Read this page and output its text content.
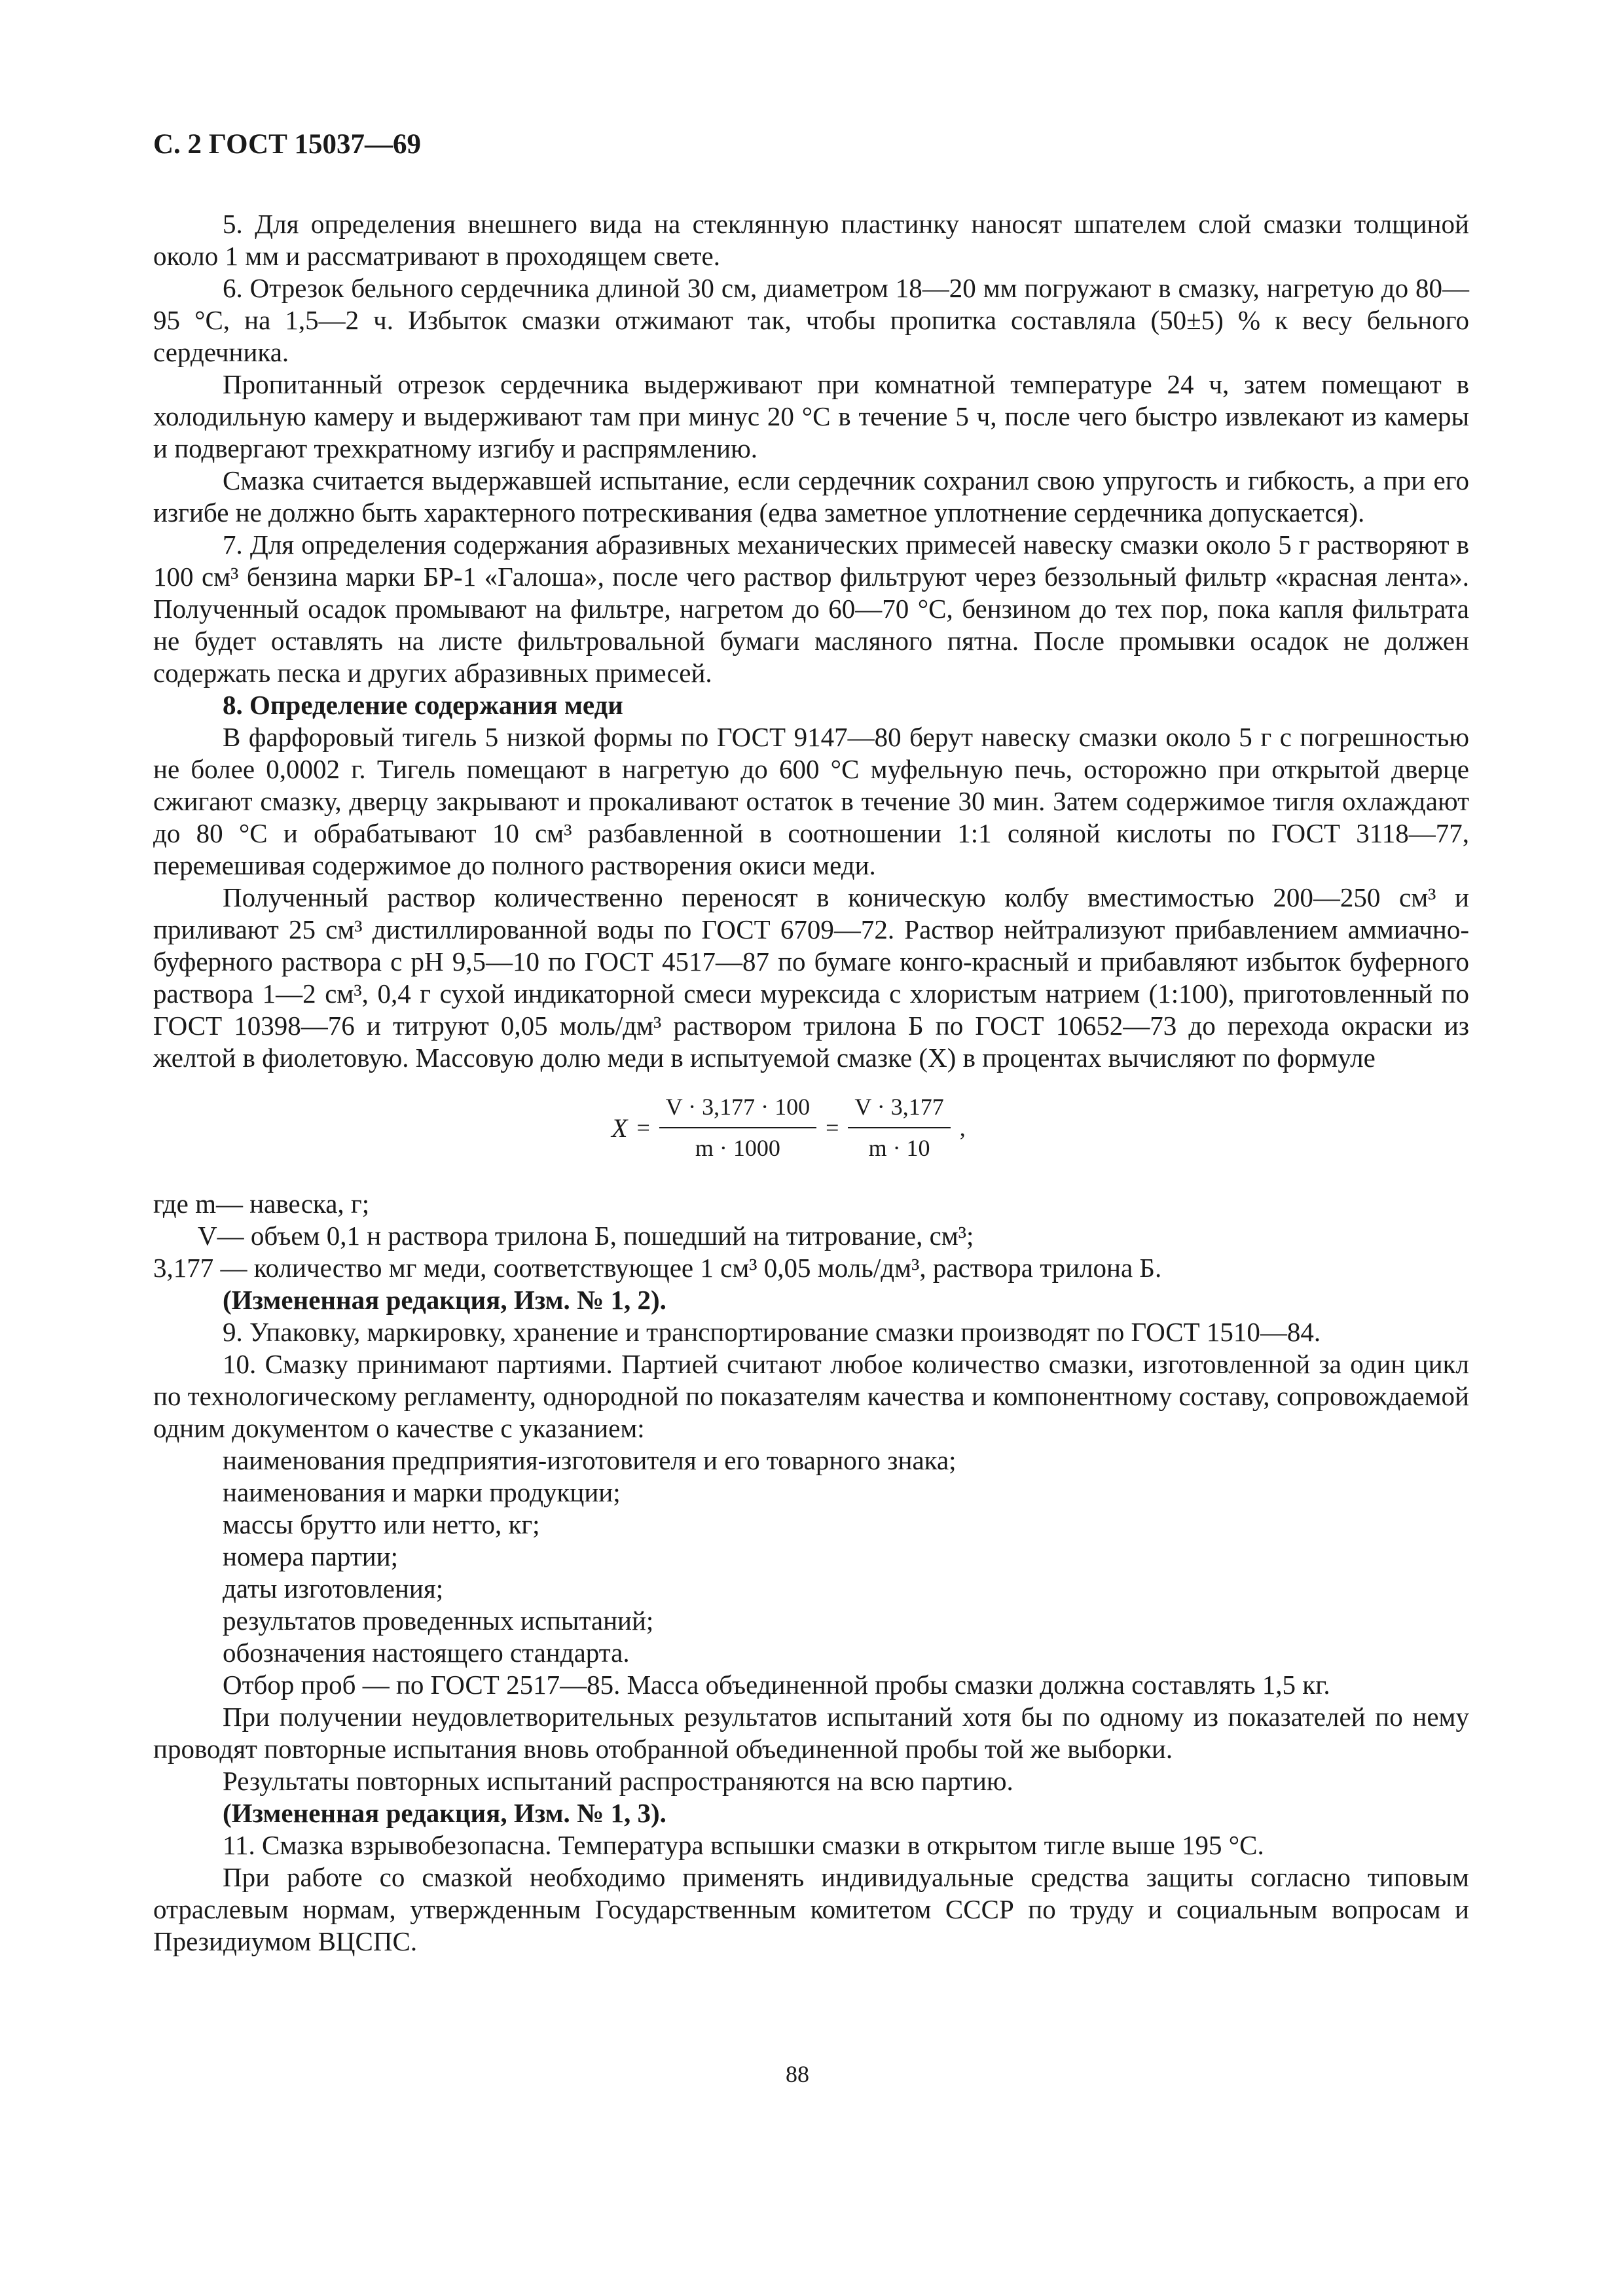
С. 2 ГОСТ 15037—69

5. Для определения внешнего вида на стеклянную пластинку наносят шпателем слой смазки толщиной около 1 мм и рассматривают в проходящем свете.

6. Отрезок бельного сердечника длиной 30 см, диаметром 18—20 мм погружают в смазку, нагретую до 80—95 °С, на 1,5—2 ч. Избыток смазки отжимают так, чтобы пропитка составляла (50±5) % к весу бельного сердечника.

Пропитанный отрезок сердечника выдерживают при комнатной температуре 24 ч, затем помещают в холодильную камеру и выдерживают там при минус 20 °С в течение 5 ч, после чего быстро извлекают из камеры и подвергают трехкратному изгибу и распрямлению.

Смазка считается выдержавшей испытание, если сердечник сохранил свою упругость и гибкость, а при его изгибе не должно быть характерного потрескивания (едва заметное уплотнение сердечника допускается).

7. Для определения содержания абразивных механических примесей навеску смазки около 5 г растворяют в 100 см³ бензина марки БР-1 «Галоша», после чего раствор фильтруют через беззольный фильтр «красная лента». Полученный осадок промывают на фильтре, нагретом до 60—70 °С, бензином до тех пор, пока капля фильтрата не будет оставлять на листе фильтровальной бумаги масляного пятна. После промывки осадок не должен содержать песка и других абразивных примесей.

8. Определение содержания меди

В фарфоровый тигель 5 низкой формы по ГОСТ 9147—80 берут навеску смазки около 5 г с погрешностью не более 0,0002 г. Тигель помещают в нагретую до 600 °С муфельную печь, осторожно при открытой дверце сжигают смазку, дверцу закрывают и прокаливают остаток в течение 30 мин. Затем содержимое тигля охлаждают до 80 °С и обрабатывают 10 см³ разбавленной в соотношении 1:1 соляной кислоты по ГОСТ 3118—77, перемешивая содержимое до полного растворения окиси меди.

Полученный раствор количественно переносят в коническую колбу вместимостью 200—250 см³ и приливают 25 см³ дистиллированной воды по ГОСТ 6709—72. Раствор нейтрализуют прибавлением аммиачно-буферного раствора с рН 9,5—10 по ГОСТ 4517—87 по бумаге конго-красный и прибавляют избыток буферного раствора 1—2 см³, 0,4 г сухой индикаторной смеси мурексида с хлористым натрием (1:100), приготовленный по ГОСТ 10398—76 и титруют 0,05 моль/дм³ раствором трилона Б по ГОСТ 10652—73 до перехода окраски из желтой в фиолетовую. Массовую долю меди в испытуемой смазке (X) в процентах вычисляют по формуле

$X = \frac{V \cdot 3,177 \cdot 100}{m \cdot 1000} = \frac{V \cdot 3,177}{m \cdot 10}$ ,

где m— навеска, г;

V— объем 0,1 н раствора трилона Б, пошедший на титрование, см³;

3,177 — количество мг меди, соответствующее 1 см³ 0,05 моль/дм³, раствора трилона Б.

(Измененная редакция, Изм. № 1, 2).

9. Упаковку, маркировку, хранение и транспортирование смазки производят по ГОСТ 1510—84.

10. Смазку принимают партиями. Партией считают любое количество смазки, изготовленной за один цикл по технологическому регламенту, однородной по показателям качества и компонентному составу, сопровождаемой одним документом о качестве с указанием:

наименования предприятия-изготовителя и его товарного знака;

наименования и марки продукции;

массы брутто или нетто, кг;

номера партии;

даты изготовления;

результатов проведенных испытаний;

обозначения настоящего стандарта.

Отбор проб — по ГОСТ 2517—85. Масса объединенной пробы смазки должна составлять 1,5 кг.

При получении неудовлетворительных результатов испытаний хотя бы по одному из показателей по нему проводят повторные испытания вновь отобранной объединенной пробы той же выборки.

Результаты повторных испытаний распространяются на всю партию.

(Измененная редакция, Изм. № 1, 3).

11. Смазка взрывобезопасна. Температура вспышки смазки в открытом тигле выше 195 °С.

При работе со смазкой необходимо применять индивидуальные средства защиты согласно типовым отраслевым нормам, утвержденным Государственным комитетом СССР по труду и социальным вопросам и Президиумом ВЦСПС.

88
